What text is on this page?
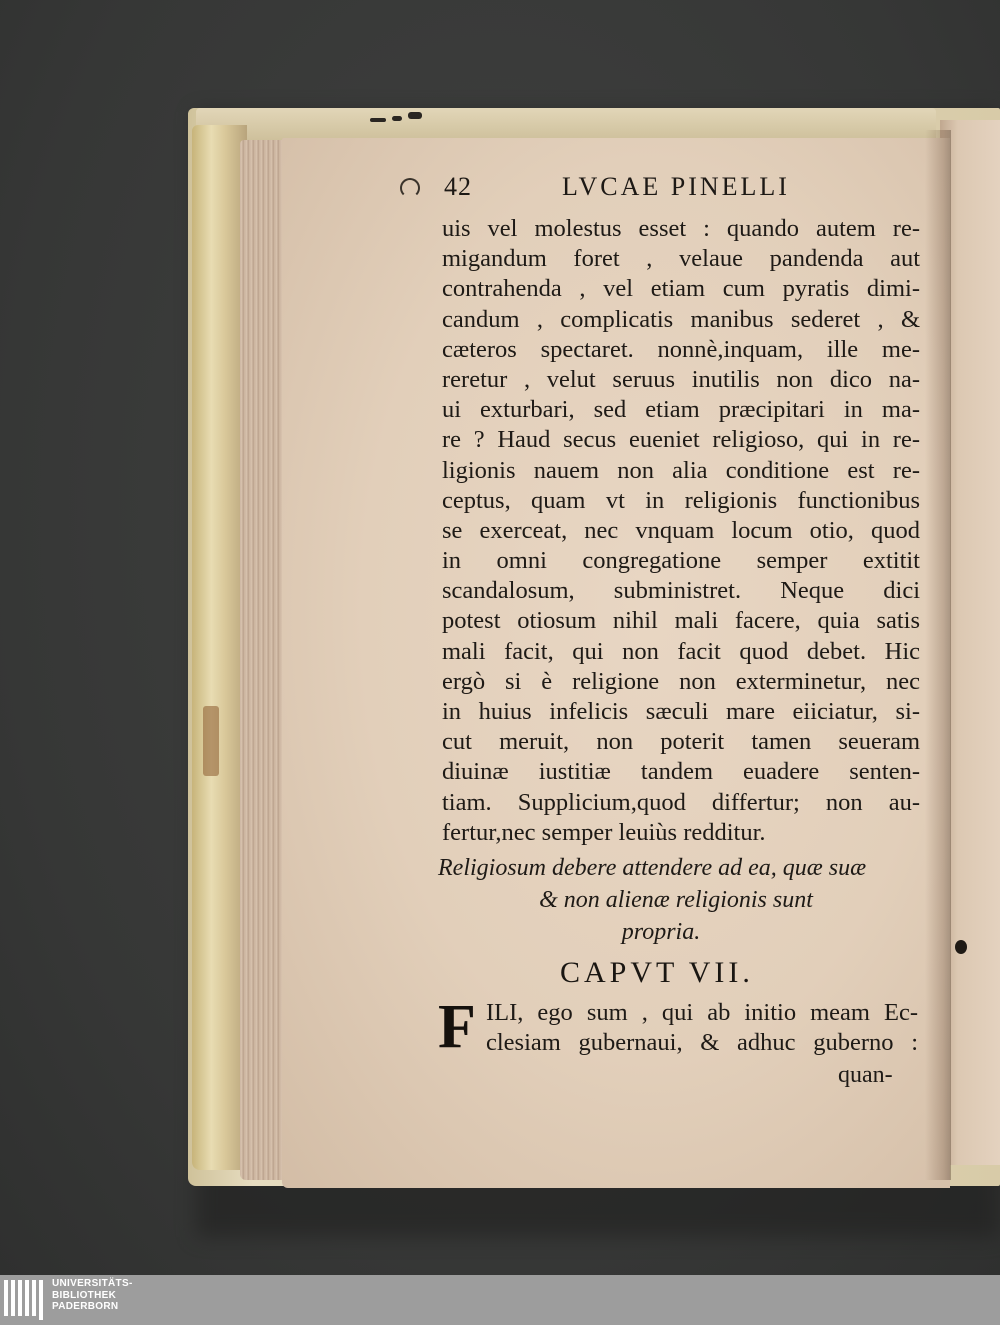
42	LVCAE PINELLI
uis vel molestus esset : quando autem re-
migandum foret , velaue pandenda aut
contrahenda , vel etiam cum pyratis dimi-
candum , complicatis manibus sederet , &
cæteros spectaret. nonnè,inquam, ille me-
reretur , velut seruus inutilis non dico na-
ui exturbari, sed etiam præcipitari in ma-
re ? Haud secus eueniet religioso, qui in re-
ligionis nauem non alia conditione est re-
ceptus, quam vt in religionis functionibus
se exerceat, nec vnquam locum otio, quod
in omni congregatione semper extitit
scandalosum, subministret. Neque dici
potest otiosum nihil mali facere, quia satis
mali facit, qui non facit quod debet. Hic
ergò si è religione non exterminetur, nec
in huius infelicis sæculi mare eiiciatur, si-
cut meruit, non poterit tamen seueram
diuinæ iustitiæ tandem euadere senten-
tiam. Supplicium,quod differtur; non au-
fertur,nec semper leuiùs redditur.
Religiosum debere attendere ad ea, quæ suæ
& non alienæ religionis sunt
propria.
CAPVT VII.
F ILI, ego sum , qui ab initio meam Ec-
clesiam gubernaui, & adhuc guberno :
quan-
UNIVERSITÄTS-
BIBLIOTHEK
PADERBORN
